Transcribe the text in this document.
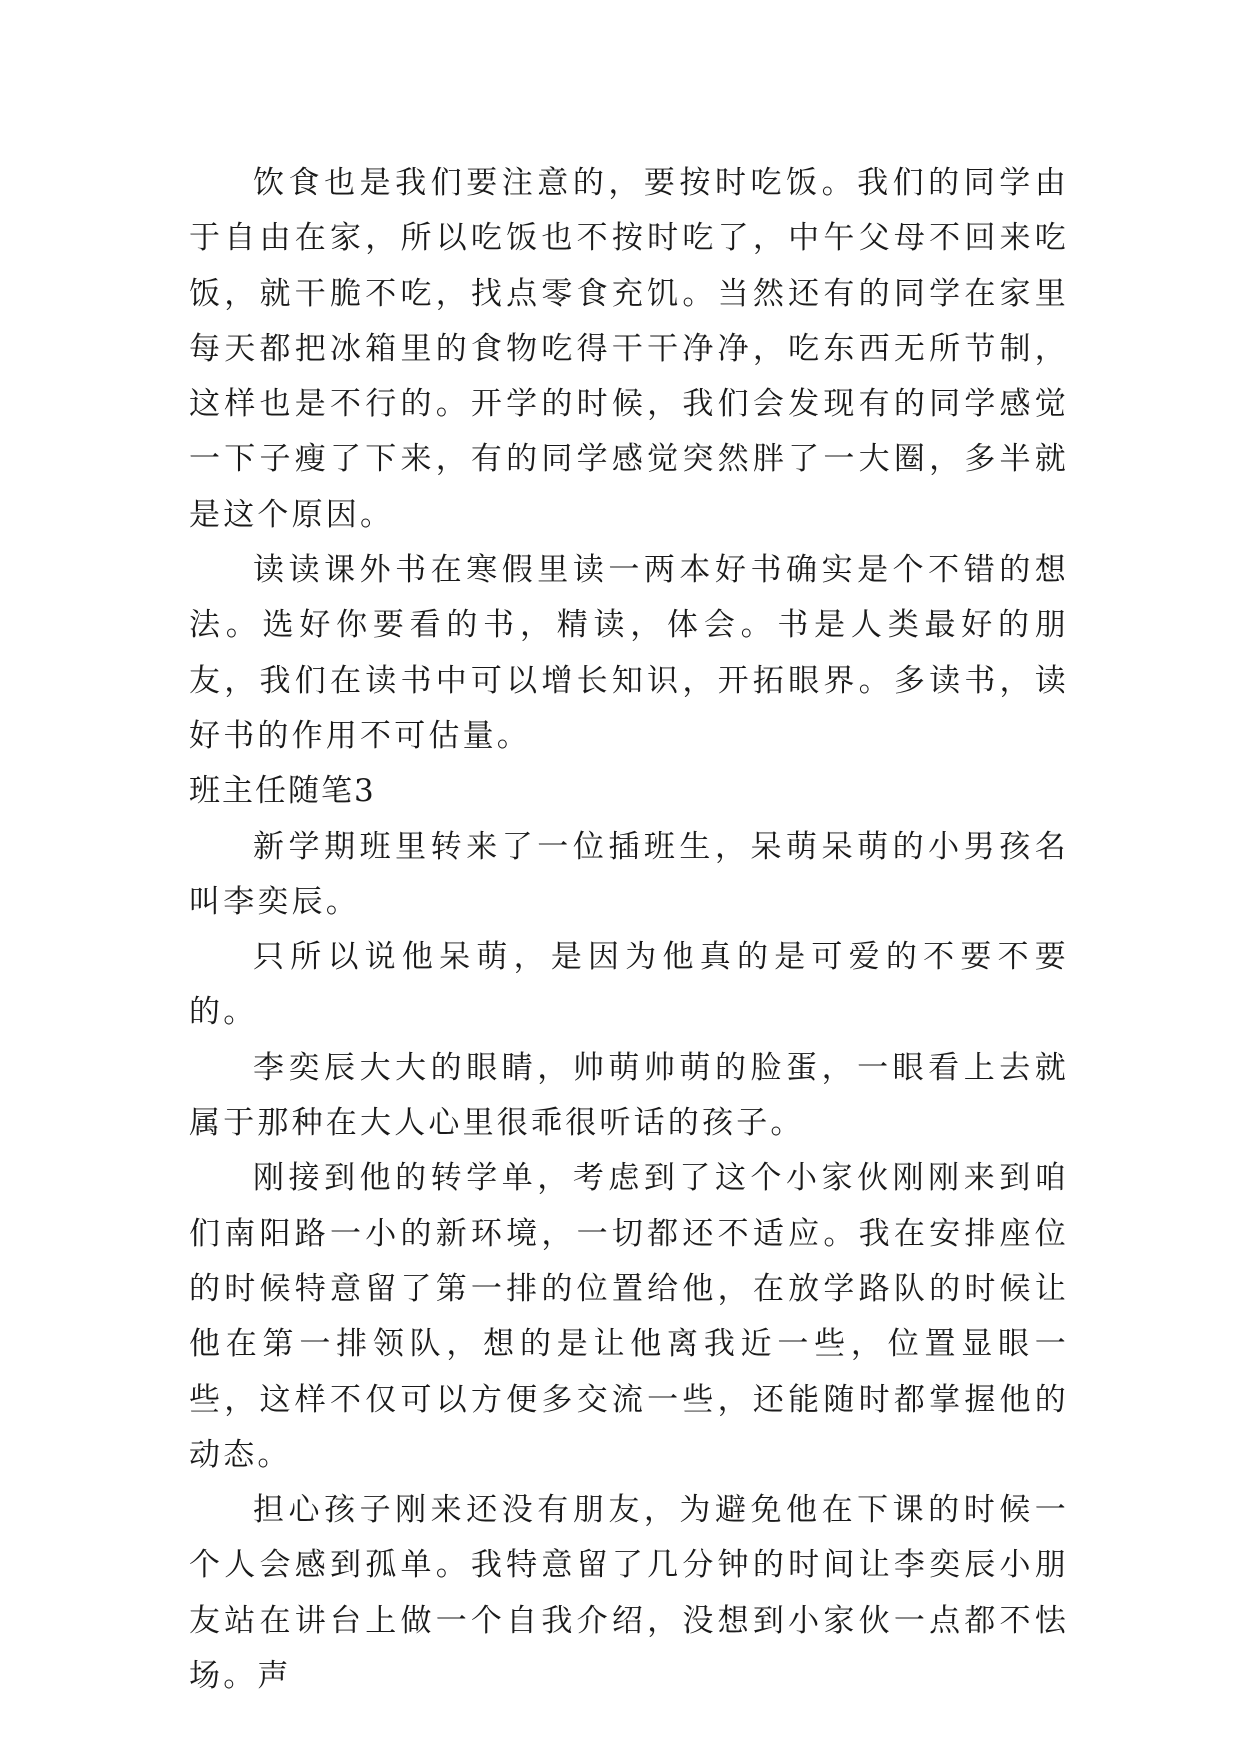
饮食也是我们要注意的，要按时吃饭。我们的同学由于自由在家，所以吃饭也不按时吃了，中午父母不回来吃饭，就干脆不吃，找点零食充饥。当然还有的同学在家里每天都把冰箱里的食物吃得干干净净，吃东西无所节制，这样也是不行的。开学的时候，我们会发现有的同学感觉一下子瘦了下来，有的同学感觉突然胖了一大圈，多半就是这个原因。

读读课外书在寒假里读一两本好书确实是个不错的想法。选好你要看的书，精读，体会。书是人类最好的朋友，我们在读书中可以增长知识，开拓眼界。多读书，读好书的作用不可估量。

班主任随笔3

新学期班里转来了一位插班生，呆萌呆萌的小男孩名叫李奕辰。

只所以说他呆萌，是因为他真的是可爱的不要不要的。

李奕辰大大的眼睛，帅萌帅萌的脸蛋，一眼看上去就属于那种在大人心里很乖很听话的孩子。

刚接到他的转学单，考虑到了这个小家伙刚刚来到咱们南阳路一小的新环境，一切都还不适应。我在安排座位的时候特意留了第一排的位置给他，在放学路队的时候让他在第一排领队，想的是让他离我近一些，位置显眼一些，这样不仅可以方便多交流一些，还能随时都掌握他的动态。

担心孩子刚来还没有朋友，为避免他在下课的时候一个人会感到孤单。我特意留了几分钟的时间让李奕辰小朋友站在讲台上做一个自我介绍，没想到小家伙一点都不怯场。声
